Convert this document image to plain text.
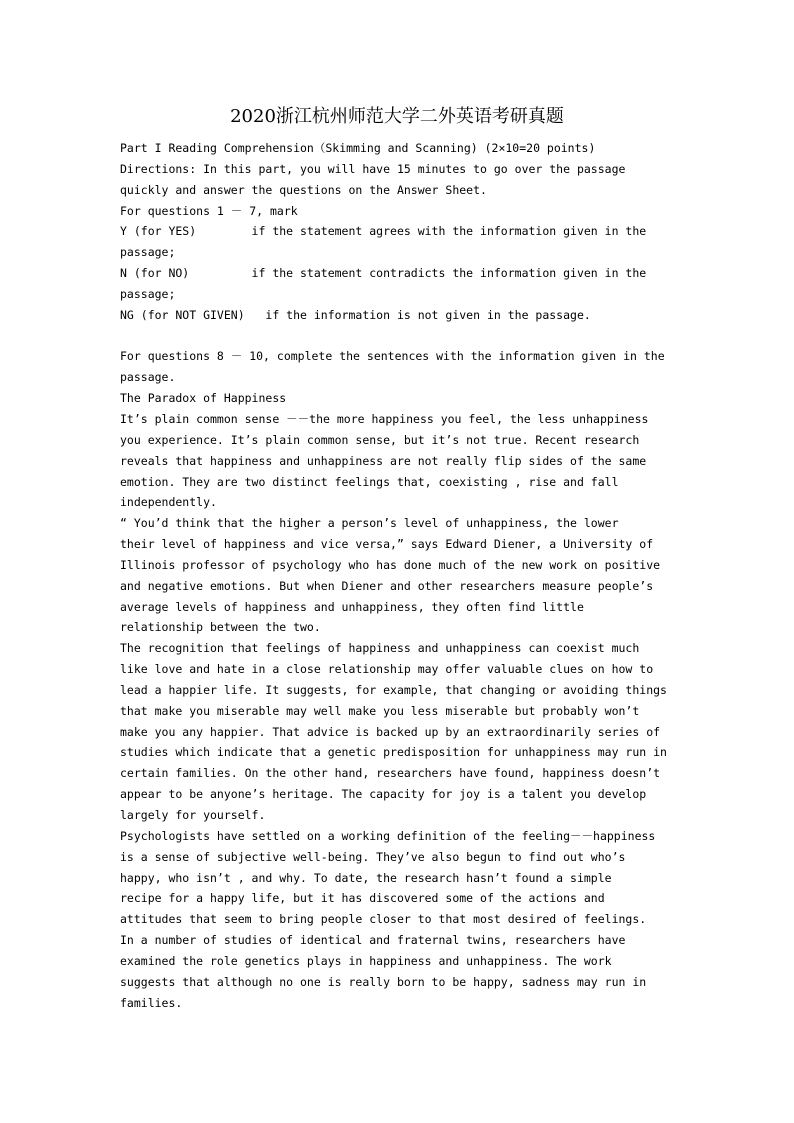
2020浙江杭州师范大学二外英语考研真题
Part I Reading Comprehension（Skimming and Scanning) (2×10=20 points)
Directions: In this part, you will have 15 minutes to go over the passage
quickly and answer the questions on the Answer Sheet.
For questions 1 － 7, mark
Y (for YES)        if the statement agrees with the information given in the
passage;
N (for NO)         if the statement contradicts the information given in the
passage;
NG (for NOT GIVEN)   if the information is not given in the passage.
For questions 8 － 10, complete the sentences with the information given in the
passage.
The Paradox of Happiness
It’s plain common sense －－the more happiness you feel, the less unhappiness
you experience. It’s plain common sense, but it’s not true. Recent research
reveals that happiness and unhappiness are not really flip sides of the same
emotion. They are two distinct feelings that, coexisting , rise and fall
independently.
“ You’d think that the higher a person’s level of unhappiness, the lower
their level of happiness and vice versa,” says Edward Diener, a University of
Illinois professor of psychology who has done much of the new work on positive
and negative emotions. But when Diener and other researchers measure people’s
average levels of happiness and unhappiness, they often find little
relationship between the two.
The recognition that feelings of happiness and unhappiness can coexist much
like love and hate in a close relationship may offer valuable clues on how to
lead a happier life. It suggests, for example, that changing or avoiding things
that make you miserable may well make you less miserable but probably won’t
make you any happier. That advice is backed up by an extraordinarily series of
studies which indicate that a genetic predisposition for unhappiness may run in
certain families. On the other hand, researchers have found, happiness doesn’t
appear to be anyone’s heritage. The capacity for joy is a talent you develop
largely for yourself.
Psychologists have settled on a working definition of the feeling－－happiness
is a sense of subjective well-being. They’ve also begun to find out who’s
happy, who isn’t , and why. To date, the research hasn’t found a simple
recipe for a happy life, but it has discovered some of the actions and
attitudes that seem to bring people closer to that most desired of feelings.
In a number of studies of identical and fraternal twins, researchers have
examined the role genetics plays in happiness and unhappiness. The work
suggests that although no one is really born to be happy, sadness may run in
families.
